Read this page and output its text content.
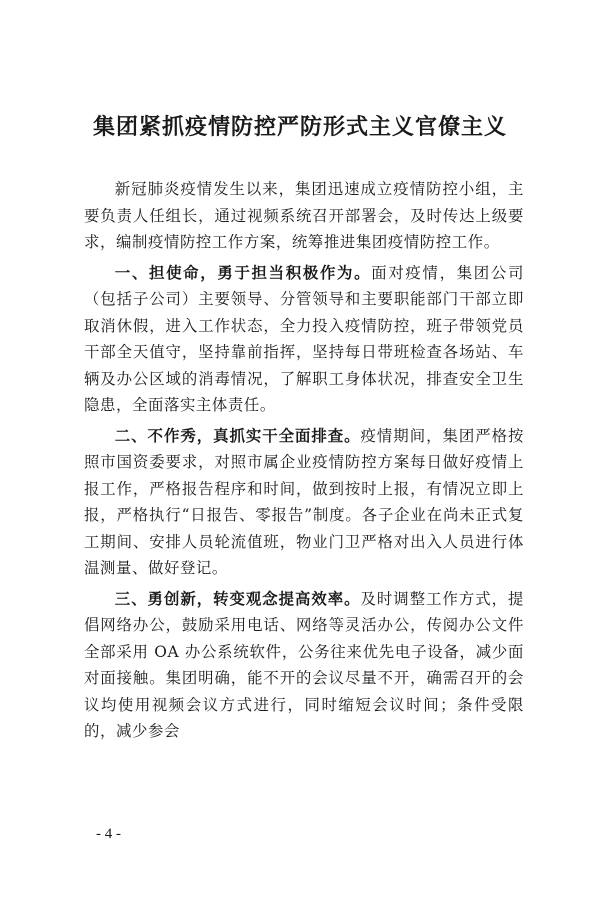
集团紧抓疫情防控严防形式主义官僚主义

新冠肺炎疫情发生以来，集团迅速成立疫情防控小组，主要负责人任组长，通过视频系统召开部署会，及时传达上级要求，编制疫情防控工作方案，统筹推进集团疫情防控工作。

一、担使命，勇于担当积极作为。面对疫情，集团公司（包括子公司）主要领导、分管领导和主要职能部门干部立即取消休假，进入工作状态，全力投入疫情防控，班子带领党员干部全天值守，坚持靠前指挥，坚持每日带班检查各场站、车辆及办公区域的消毒情况，了解职工身体状况，排查安全卫生隐患，全面落实主体责任。

二、不作秀，真抓实干全面排查。疫情期间，集团严格按照市国资委要求，对照市属企业疫情防控方案每日做好疫情上报工作，严格报告程序和时间，做到按时上报，有情况立即上报，严格执行“日报告、零报告”制度。各子企业在尚未正式复工期间、安排人员轮流值班，物业门卫严格对出入人员进行体温测量、做好登记。

三、勇创新，转变观念提高效率。及时调整工作方式，提倡网络办公，鼓励采用电话、网络等灵活办公，传阅办公文件全部采用 OA 办公系统软件，公务往来优先电子设备，减少面对面接触。集团明确，能不开的会议尽量不开，确需召开的会议均使用视频会议方式进行，同时缩短会议时间；条件受限的，减少参会

- 4 -
